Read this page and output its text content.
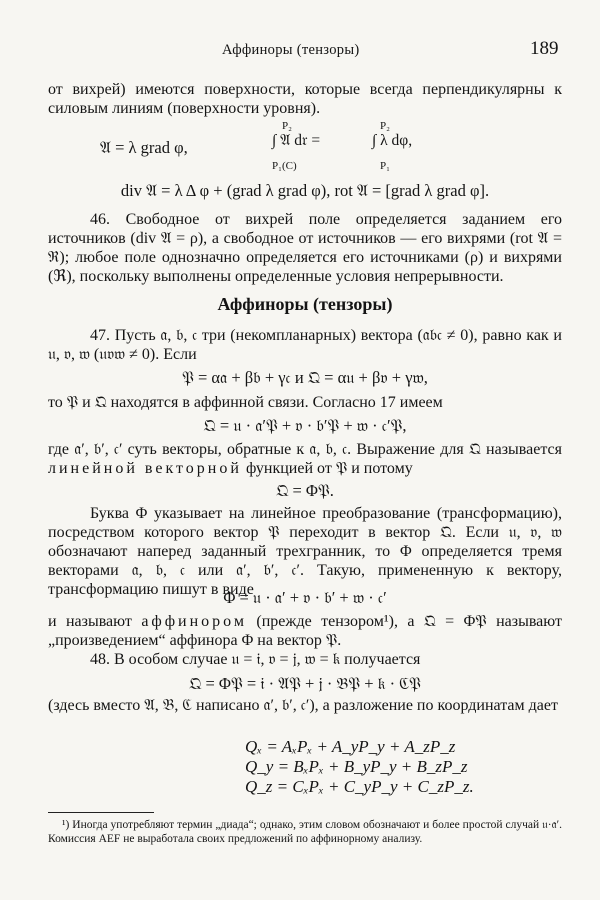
Аффиноры (тензоры)	189

от вихрей) имеются поверхности, которые всегда перпендикулярны к силовым линиям (поверхности уровня).

𝔄 = λ grad φ,
P₂
∫ 𝔄 d𝔯 =
P₁(C)
P₂
∫ λ dφ,
P₁
div 𝔄 = λ Δ φ + (grad λ grad φ), rot 𝔄 = [grad λ grad φ].

46. Свободное от вихрей поле определяется заданием его источников (div 𝔄 = ρ), а свободное от источников — его вихрями (rot 𝔄 = ℜ); любое поле однозначно определяется его источниками (ρ) и вихрями (ℜ), поскольку выполнены определенные условия непрерывности.

Аффиноры (тензоры)

47. Пусть 𝔞, 𝔟, 𝔠 три (некомпланарных) вектора (𝔞𝔟𝔠 ≠ 0), равно как и 𝔲, 𝔳, 𝔴 (𝔲𝔳𝔴 ≠ 0). Если

𝔓 = α𝔞 + β𝔟 + γ𝔠 и 𝔔 = α𝔲 + β𝔳 + γ𝔴,

то 𝔓 и 𝔔 находятся в аффинной связи. Согласно 17 имеем

𝔔 = 𝔲 · 𝔞′𝔓 + 𝔳 · 𝔟′𝔓 + 𝔴 · 𝔠′𝔓,

где 𝔞′, 𝔟′, 𝔠′ суть векторы, обратные к 𝔞, 𝔟, 𝔠. Выражение для 𝔔 называется линейной векторной функцией от 𝔓 и потому

𝔔 = Φ𝔓.

Буква Φ указывает на линейное преобразование (трансформацию), посредством которого вектор 𝔓 переходит в вектор 𝔔. Если 𝔲, 𝔳, 𝔴 обозначают наперед заданный трехгранник, то Φ определяется тремя векторами 𝔞, 𝔟, 𝔠 или 𝔞′, 𝔟′, 𝔠′. Такую, примененную к вектору, трансформацию пишут в виде

Φ = 𝔲 · 𝔞′ + 𝔳 · 𝔟′ + 𝔴 · 𝔠′

и называют аффинором (прежде тензором¹), а 𝔔 = Φ𝔓 называют „произведением“ аффинора Φ на вектор 𝔓.

48. В особом случае 𝔲 = 𝔦, 𝔳 = 𝔧, 𝔴 = 𝔨 получается

𝔔 = Φ𝔓 = 𝔦 · 𝔄𝔓 + 𝔧 · 𝔅𝔓 + 𝔨 · ℭ𝔓

(здесь вместо 𝔄, 𝔅, ℭ написано 𝔞′, 𝔟′, 𝔠′), а разложение по координатам дает

Qₓ = AₓPₓ + A_yP_y + A_zP_z
Q_y = BₓPₓ + B_yP_y + B_zP_z
Q_z = CₓPₓ + C_yP_y + C_zP_z.

¹) Иногда употребляют термин „диада“; однако, этим словом обозначают и более простой случай 𝔲·𝔞′. Комиссия AEF не выработала своих предложений по аффинорному анализу.
